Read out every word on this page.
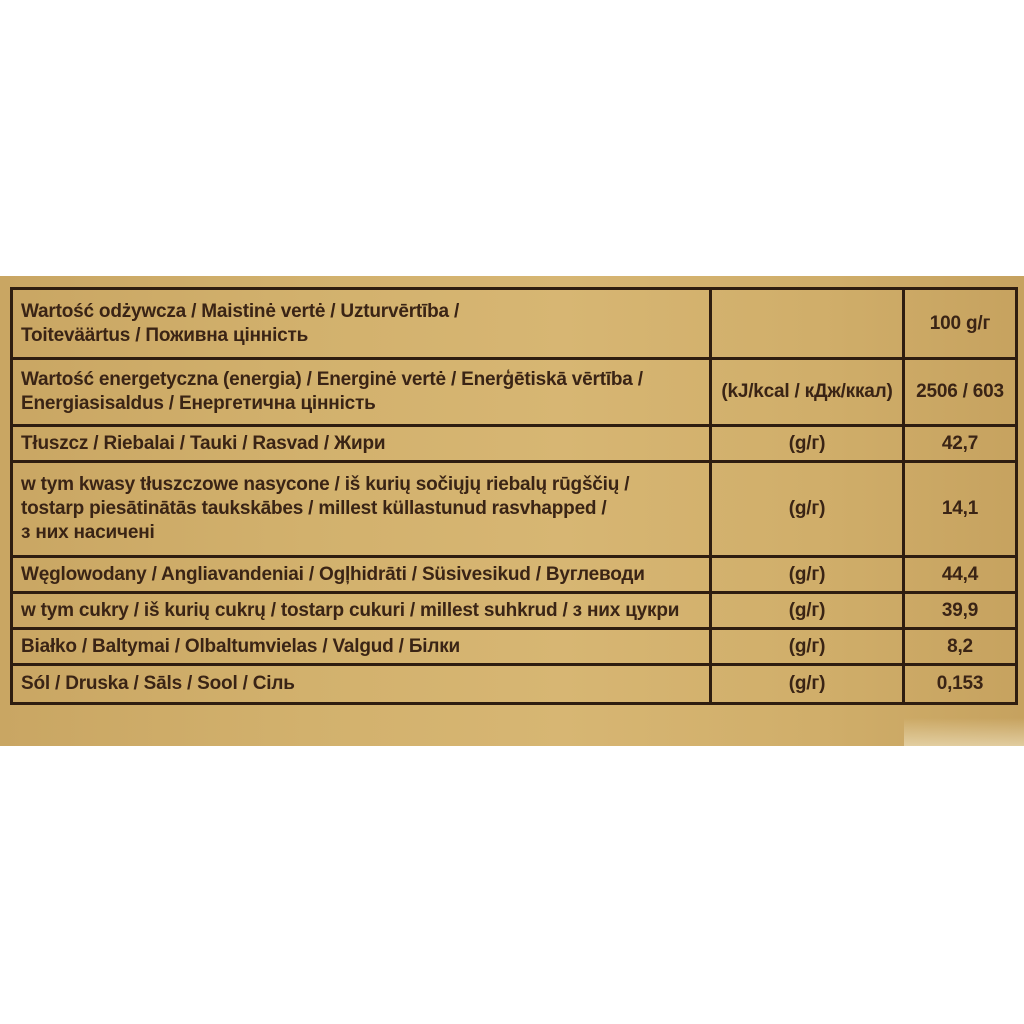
Wartość odżywcza / Maistinė vertė / Uzturvērtība /
Toiteväärtus / Поживна цінність		100 g/г

Wartość energetyczna (energia) / Energinė vertė / Enerģētiskā vērtība /
Energiasisaldus / Енергетична цінність	(kJ/kcal / кДж/ккал)	2506 / 603

Tłuszcz / Riebalai / Tauki / Rasvad / Жири	(g/г)	42,7

w tym kwasy tłuszczowe nasycone / iš kurių sočiųjų riebalų rūgščių /
tostarp piesātinātās taukskābes / millest küllastunud rasvhapped /
з них насичені	(g/г)	14,1

Węglowodany / Angliavandeniai / Ogļhidrāti / Süsivesikud / Вуглеводи	(g/г)	44,4

w tym cukry / iš kurių cukrų / tostarp cukuri / millest suhkrud / з них цукри	(g/г)	39,9

Białko / Baltymai / Olbaltumvielas / Valgud / Білки	(g/г)	8,2

Sól / Druska / Sāls / Sool / Сіль	(g/г)	0,153
